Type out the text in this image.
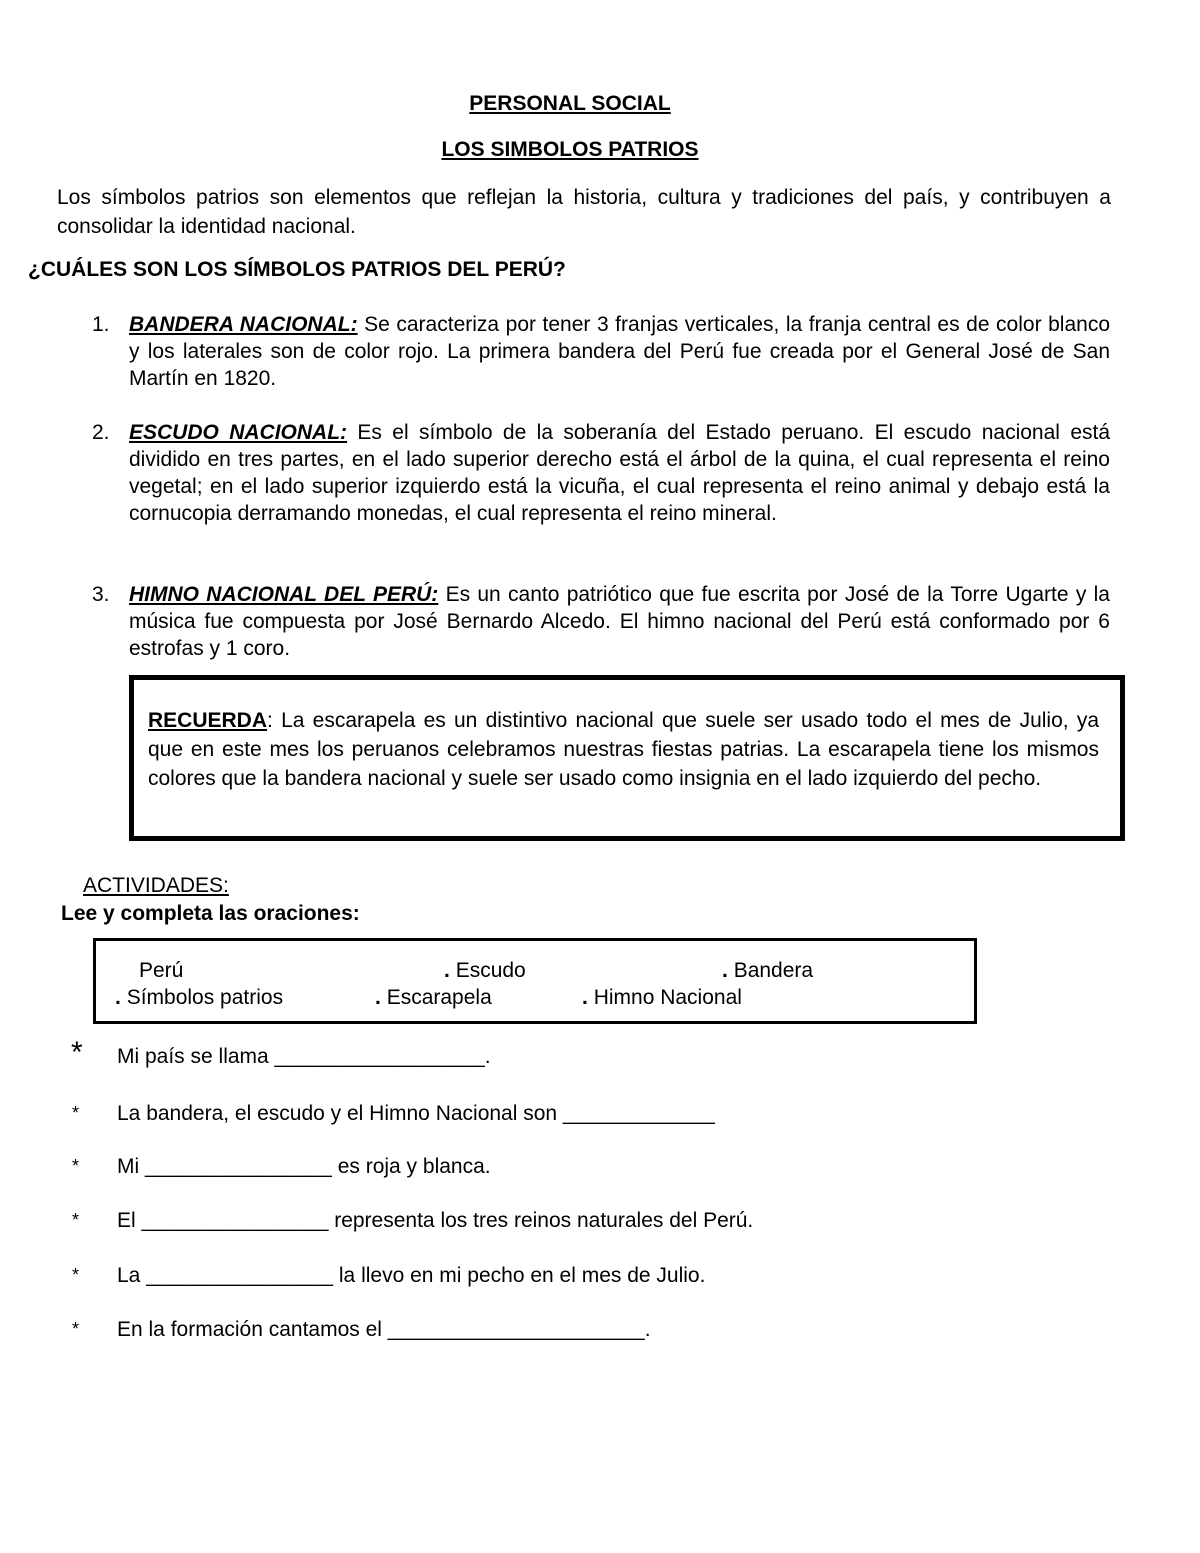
PERSONAL SOCIAL
LOS SIMBOLOS PATRIOS
Los símbolos patrios son elementos que reflejan la historia, cultura y tradiciones del país, y contribuyen a consolidar la identidad nacional.
¿CUÁLES SON LOS SÍMBOLOS PATRIOS DEL PERÚ?
1. BANDERA NACIONAL: Se caracteriza por tener 3 franjas verticales, la franja central es de color blanco y los laterales son de color rojo. La primera bandera del Perú fue creada por el General José de San Martín en 1820.
2. ESCUDO NACIONAL: Es el símbolo de la soberanía del Estado peruano. El escudo nacional está dividido en tres partes, en el lado superior derecho está el árbol de la quina, el cual representa el reino vegetal; en el lado superior izquierdo está la vicuña, el cual representa el reino animal y debajo está la cornucopia derramando monedas, el cual representa el reino mineral.
3. HIMNO NACIONAL DEL PERÚ: Es un canto patriótico que fue escrita por José de la Torre Ugarte y la música fue compuesta por José Bernardo Alcedo. El himno nacional del Perú está conformado por 6 estrofas y 1 coro.
RECUERDA: La escarapela es un distintivo nacional que suele ser usado todo el mes de Julio, ya que en este mes los peruanos celebramos nuestras fiestas patrias. La escarapela tiene los mismos colores que la bandera nacional y suele ser usado como insignia en el lado izquierdo del pecho.
ACTIVIDADES:
Lee y completa las oraciones:
Perú	. Escudo	. Bandera
. Símbolos patrios	. Escarapela	. Himno Nacional
* Mi país se llama __________________.
* La bandera, el escudo y el Himno Nacional son _____________
* Mi ________________ es roja y blanca.
* El ________________ representa los tres reinos naturales del Perú.
* La ________________ la llevo en mi pecho en el mes de Julio.
* En la formación cantamos el ______________________.
